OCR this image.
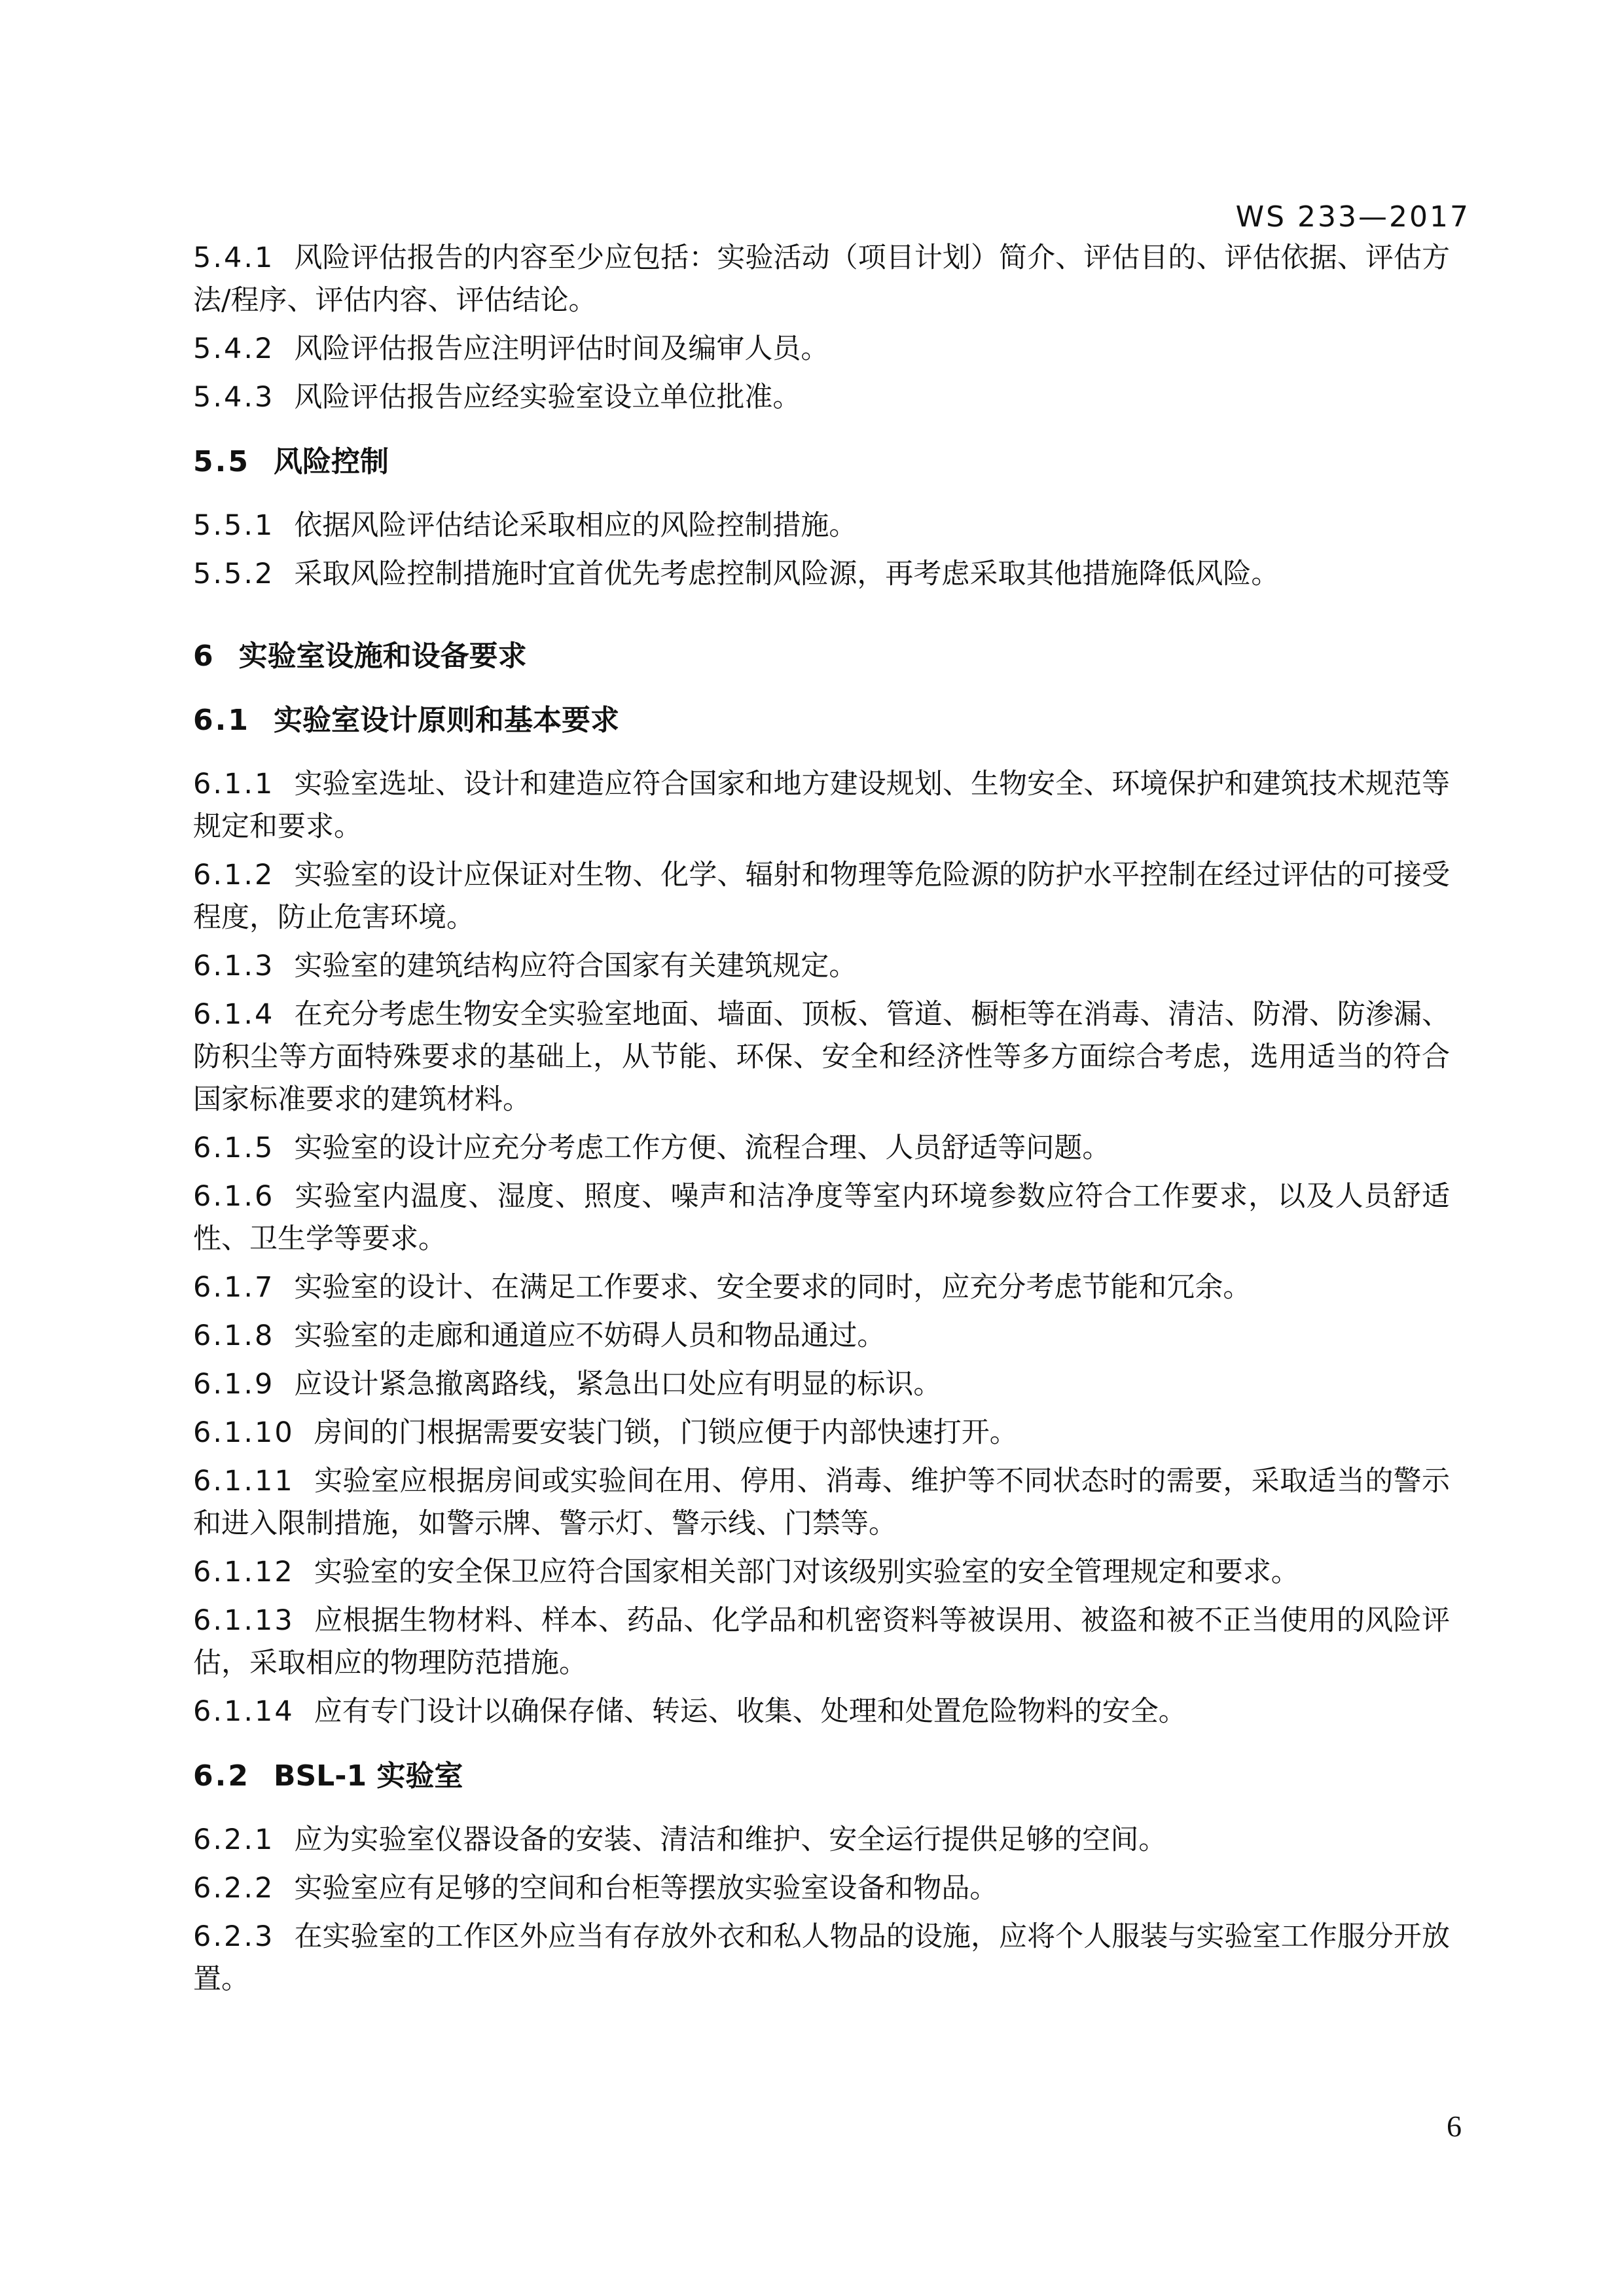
WS 233—2017

5.4.1 风险评估报告的内容至少应包括：实验活动（项目计划）简介、评估目的、评估依据、评估方法/程序、评估内容、评估结论。

5.4.2 风险评估报告应注明评估时间及编审人员。

5.4.3 风险评估报告应经实验室设立单位批准。

5.5 风险控制

5.5.1 依据风险评估结论采取相应的风险控制措施。

5.5.2 采取风险控制措施时宜首优先考虑控制风险源，再考虑采取其他措施降低风险。

6 实验室设施和设备要求
6.1 实验室设计原则和基本要求

6.1.1 实验室选址、设计和建造应符合国家和地方建设规划、生物安全、环境保护和建筑技术规范等规定和要求。

6.1.2 实验室的设计应保证对生物、化学、辐射和物理等危险源的防护水平控制在经过评估的可接受程度，防止危害环境。

6.1.3 实验室的建筑结构应符合国家有关建筑规定。

6.1.4 在充分考虑生物安全实验室地面、墙面、顶板、管道、橱柜等在消毒、清洁、防滑、防渗漏、防积尘等方面特殊要求的基础上，从节能、环保、安全和经济性等多方面综合考虑，选用适当的符合国家标准要求的建筑材料。

6.1.5 实验室的设计应充分考虑工作方便、流程合理、人员舒适等问题。

6.1.6 实验室内温度、湿度、照度、噪声和洁净度等室内环境参数应符合工作要求，以及人员舒适性、卫生学等要求。

6.1.7 实验室的设计、在满足工作要求、安全要求的同时，应充分考虑节能和冗余。

6.1.8 实验室的走廊和通道应不妨碍人员和物品通过。

6.1.9 应设计紧急撤离路线，紧急出口处应有明显的标识。

6.1.10 房间的门根据需要安装门锁，门锁应便于内部快速打开。

6.1.11 实验室应根据房间或实验间在用、停用、消毒、维护等不同状态时的需要，采取适当的警示和进入限制措施，如警示牌、警示灯、警示线、门禁等。

6.1.12 实验室的安全保卫应符合国家相关部门对该级别实验室的安全管理规定和要求。

6.1.13 应根据生物材料、样本、药品、化学品和机密资料等被误用、被盗和被不正当使用的风险评估，采取相应的物理防范措施。

6.1.14 应有专门设计以确保存储、转运、收集、处理和处置危险物料的安全。

6.2 BSL-1 实验室

6.2.1 应为实验室仪器设备的安装、清洁和维护、安全运行提供足够的空间。

6.2.2 实验室应有足够的空间和台柜等摆放实验室设备和物品。

6.2.3 在实验室的工作区外应当有存放外衣和私人物品的设施，应将个人服装与实验室工作服分开放置。

6
